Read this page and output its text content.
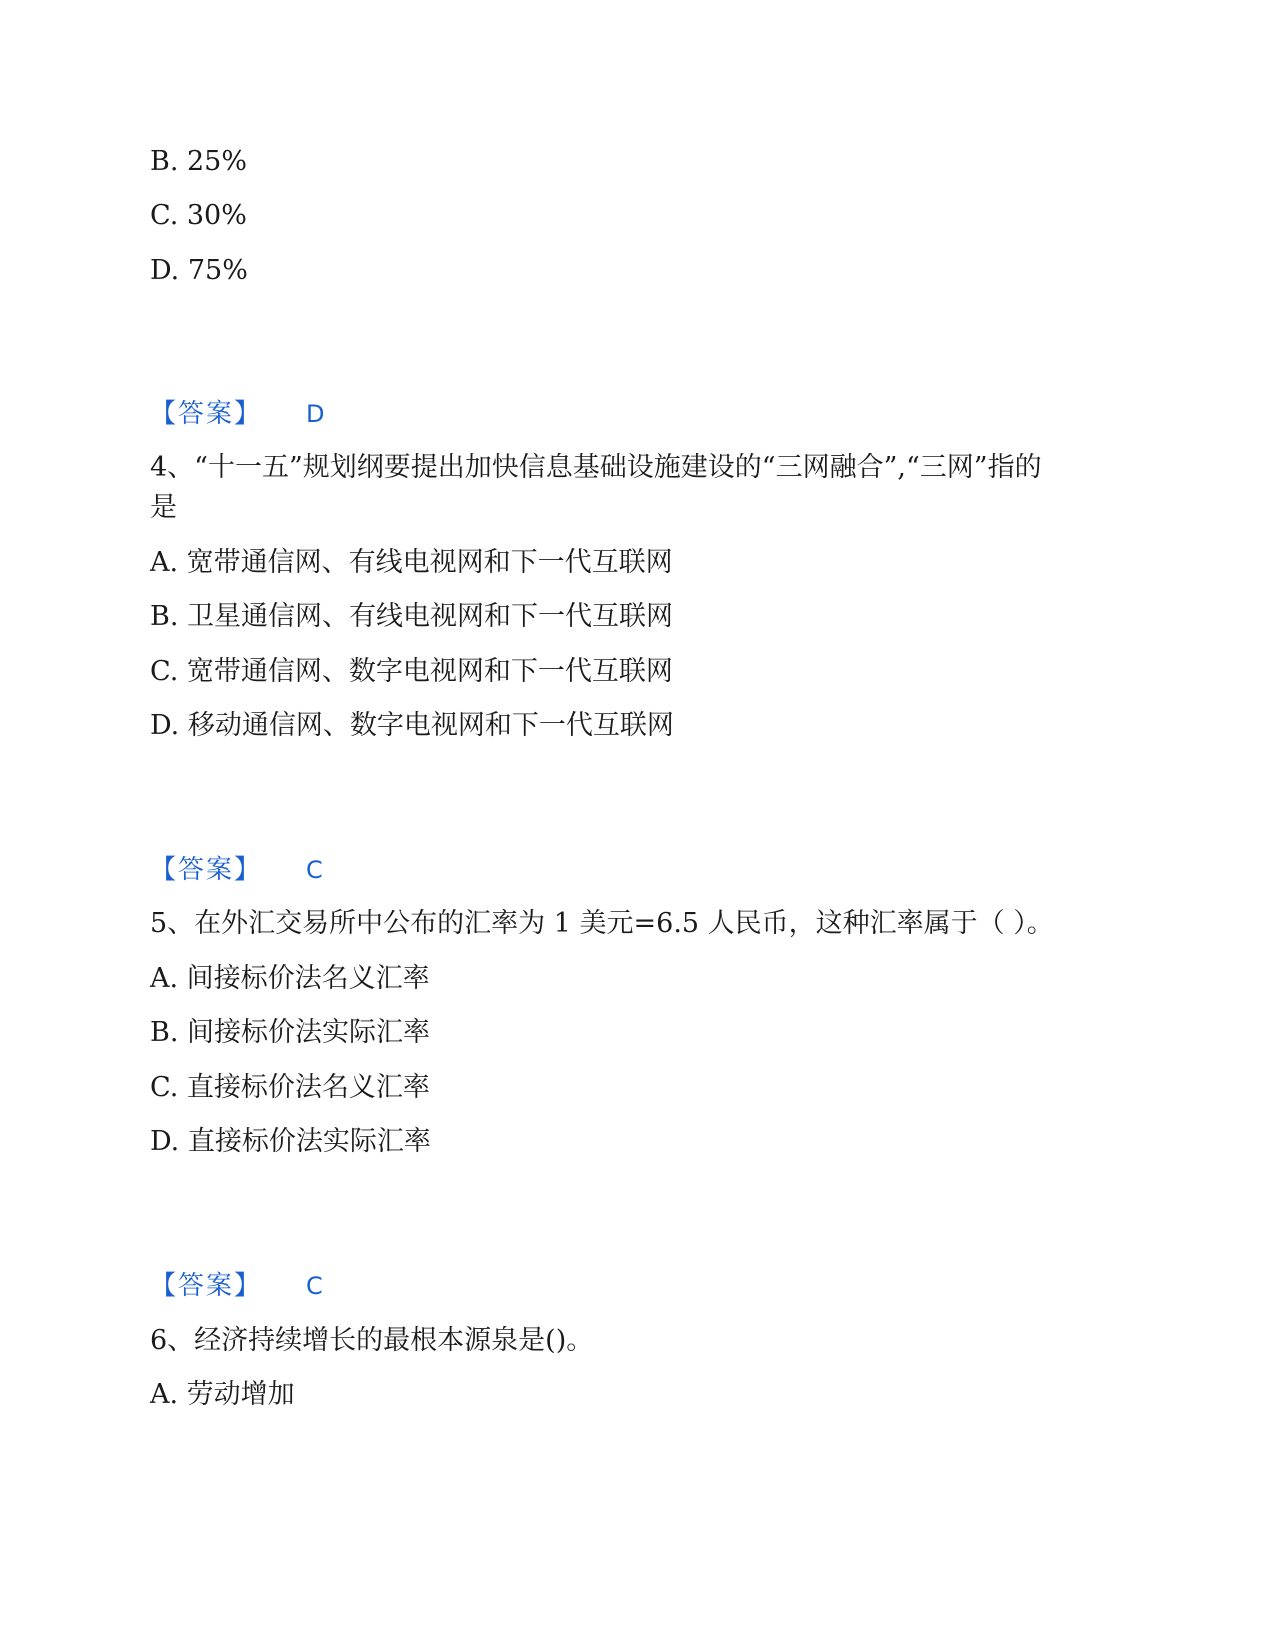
B. 25%
C. 30%
D. 75%
【答案】 D
4、“十一五”规划纲要提出加快信息基础设施建设的“三网融合”,“三网”指的
是
A. 宽带通信网、有线电视网和下一代互联网
B. 卫星通信网、有线电视网和下一代互联网
C. 宽带通信网、数字电视网和下一代互联网
D. 移动通信网、数字电视网和下一代互联网
【答案】 C
5、在外汇交易所中公布的汇率为 1 美元=6.5 人民币，这种汇率属于（ ）。
A. 间接标价法名义汇率
B. 间接标价法实际汇率
C. 直接标价法名义汇率
D. 直接标价法实际汇率
【答案】 C
6、经济持续增长的最根本源泉是()。
A. 劳动增加
